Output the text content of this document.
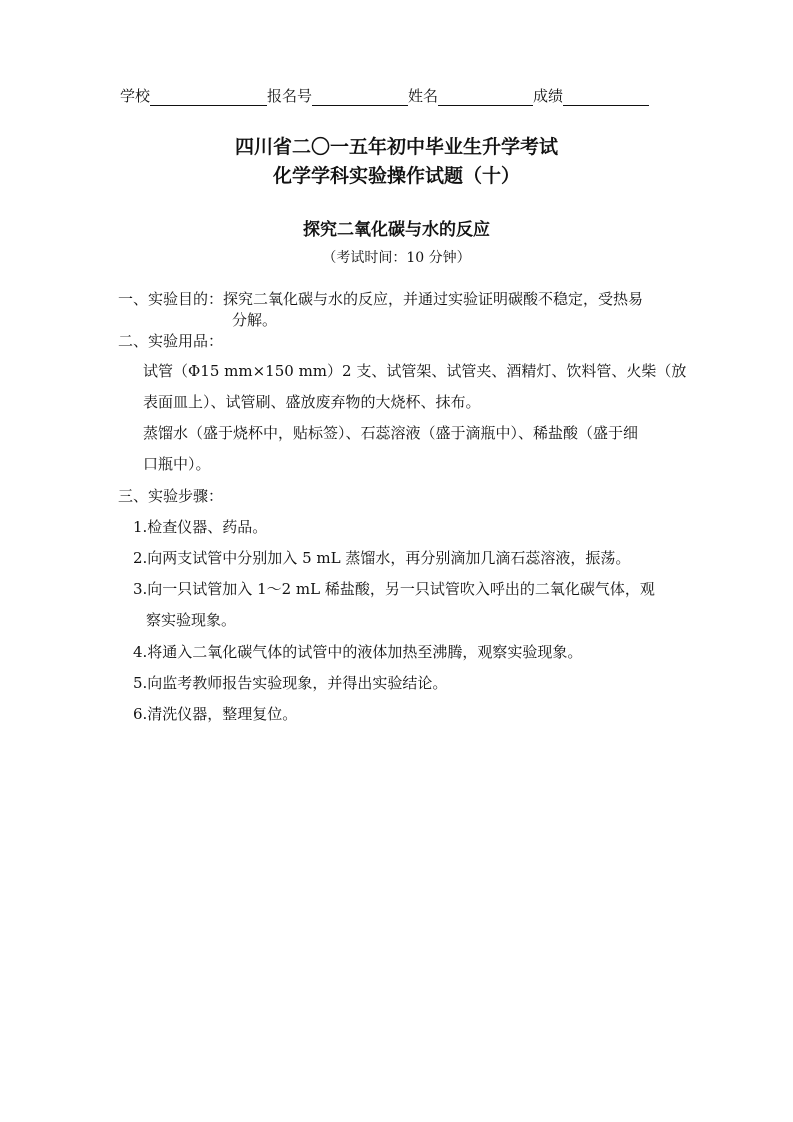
学校	报名号	姓名	成绩
四川省二〇一五年初中毕业生升学考试
化学学科实验操作试题（十）
探究二氧化碳与水的反应
（考试时间：10 分钟）
一、实验目的：探究二氧化碳与水的反应，并通过实验证明碳酸不稳定，受热易
分解。
二、实验用品：
试管（Φ15 mm×150 mm）2 支、试管架、试管夹、酒精灯、饮料管、火柴（放
表面皿上）、试管刷、盛放废弃物的大烧杯、抹布。
蒸馏水（盛于烧杯中，贴标签）、石蕊溶液（盛于滴瓶中）、稀盐酸（盛于细
口瓶中）。
三、实验步骤：
1.检查仪器、药品。
2.向两支试管中分别加入 5 mL 蒸馏水，再分别滴加几滴石蕊溶液，振荡。
3.向一只试管加入 1～2 mL 稀盐酸，另一只试管吹入呼出的二氧化碳气体，观
察实验现象。
4.将通入二氧化碳气体的试管中的液体加热至沸腾，观察实验现象。
5.向监考教师报告实验现象，并得出实验结论。
6.清洗仪器，整理复位。
